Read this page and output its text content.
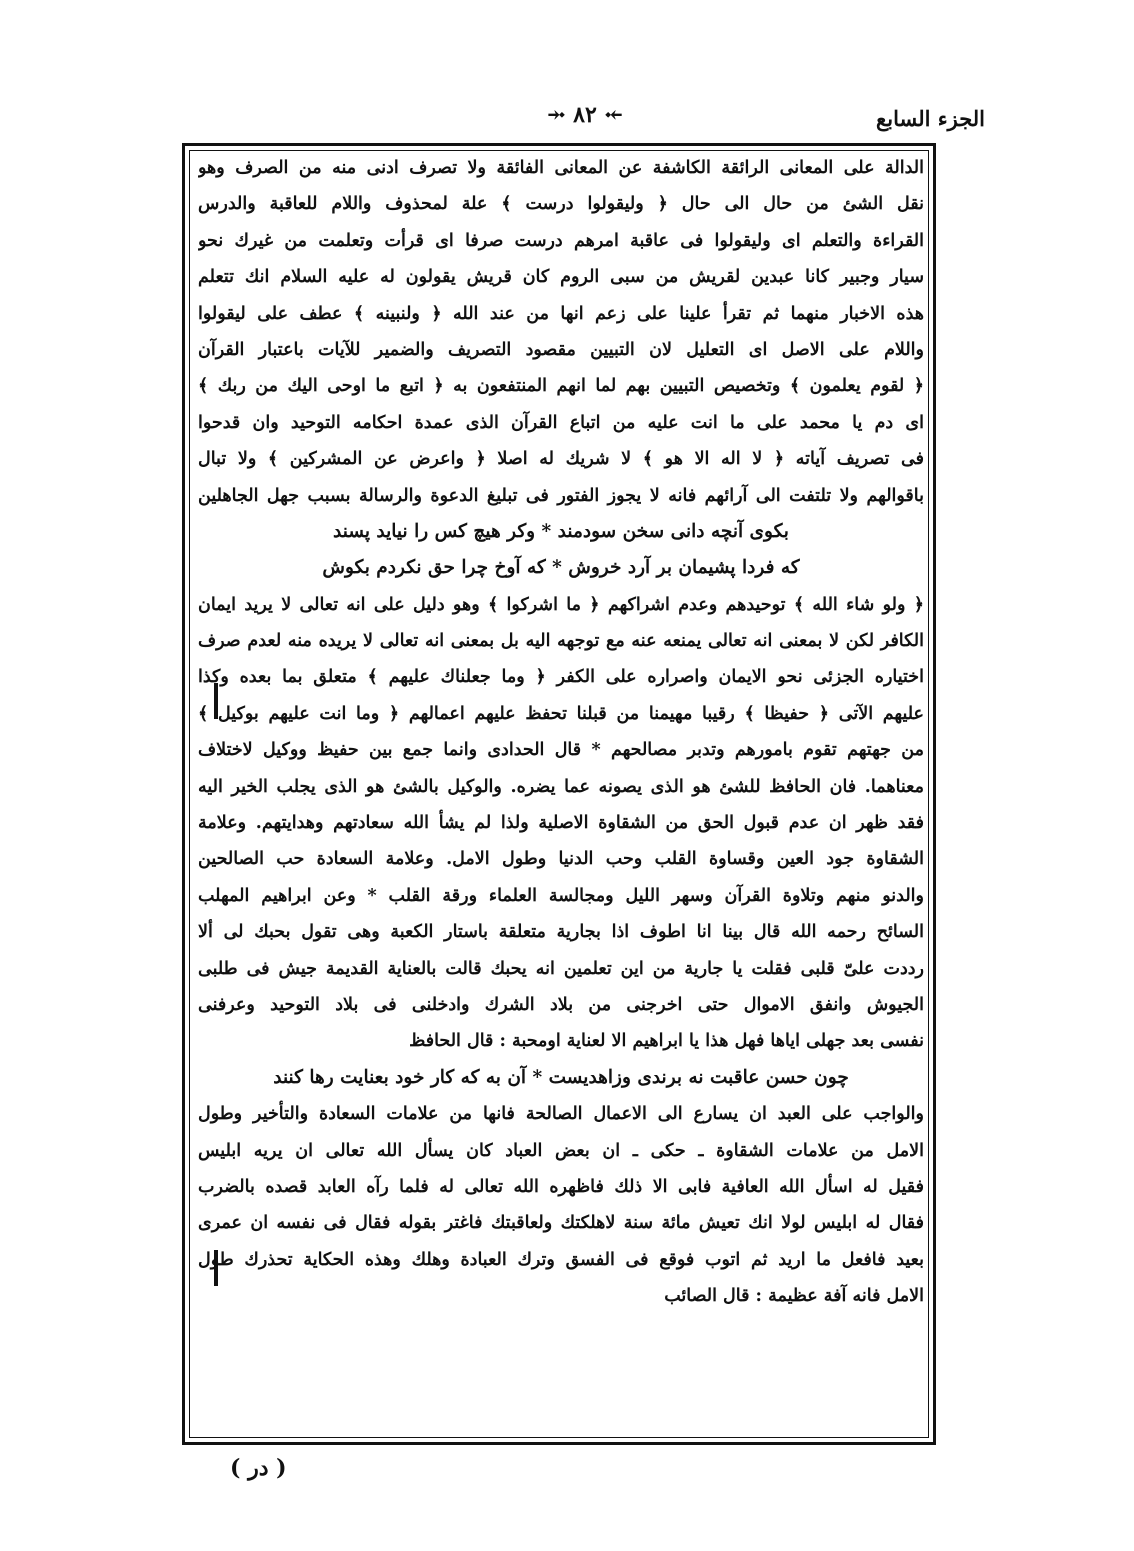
الجزء السابع
⤝ ٨٢ ⤞
الدالة على المعانى الرائقة الكاشفة عن المعانى الفائقة ولا تصرف ادنى منه من الصرف وهو
نقل الشئ من حال الى حال ﴿ وليقولوا درست ﴾ علة لمحذوف واللام للعاقبة والدرس
القراءة والتعلم اى وليقولوا فى عاقبة امرهم درست صرفا اى قرأت وتعلمت من غيرك نحو
سيار وجبير كانا عبدين لقريش من سبى الروم كان قريش يقولون له عليه السلام انك تتعلم
هذه الاخبار منهما ثم تقرأ علينا على زعم انها من عند الله ﴿ ولنبينه ﴾ عطف على ليقولوا
واللام على الاصل اى التعليل لان التبيين مقصود التصريف والضمير للآيات باعتبار القرآن
﴿ لقوم يعلمون ﴾ وتخصيص التبيين بهم لما انهم المنتفعون به ﴿ اتبع ما اوحى اليك من ربك ﴾
اى دم يا محمد على ما انت عليه من اتباع القرآن الذى عمدة احكامه التوحيد وان قدحوا
فى تصريف آياته ﴿ لا اله الا هو ﴾ لا شريك له اصلا ﴿ واعرض عن المشركين ﴾ ولا تبال
باقوالهم ولا تلتفت الى آرائهم فانه لا يجوز الفتور فى تبليغ الدعوة والرسالة بسبب جهل الجاهلين
بكوى آنچه دانى سخن سودمند * وكر هيچ كس را نيايد پسند
كه فردا پشيمان بر آرد خروش * كه آوخ چرا حق نكردم بكوش
﴿ ولو شاء الله ﴾ توحيدهم وعدم اشراكهم ﴿ ما اشركوا ﴾ وهو دليل على انه تعالى لا يريد ايمان
الكافر لكن لا بمعنى انه تعالى يمنعه عنه مع توجهه اليه بل بمعنى انه تعالى لا يريده منه لعدم صرف
اختياره الجزئى نحو الايمان واصراره على الكفر ﴿ وما جعلناك عليهم ﴾ متعلق بما بعده وكذا
عليهم الآتى ﴿ حفيظا ﴾ رقيبا مهيمنا من قبلنا تحفظ عليهم اعمالهم ﴿ وما انت عليهم بوكيل ﴾
من جهتهم تقوم بامورهم وتدبر مصالحهم * قال الحدادى وانما جمع بين حفيظ ووكيل لاختلاف
معناهما. فان الحافظ للشئ هو الذى يصونه عما يضره. والوكيل بالشئ هو الذى يجلب الخير اليه
فقد ظهر ان عدم قبول الحق من الشقاوة الاصلية ولذا لم يشأ الله سعادتهم وهدايتهم. وعلامة
الشقاوة جود العين وقساوة القلب وحب الدنيا وطول الامل. وعلامة السعادة حب الصالحين
والدنو منهم وتلاوة القرآن وسهر الليل ومجالسة العلماء ورقة القلب * وعن ابراهيم المهلب
السائح رحمه الله قال بينا انا اطوف اذا بجارية متعلقة باستار الكعبة وهى تقول بحبك لى ألا
رددت علىّ قلبى فقلت يا جارية من اين تعلمين انه يحبك قالت بالعناية القديمة جيش فى طلبى
الجيوش وانفق الاموال حتى اخرجنى من بلاد الشرك وادخلنى فى بلاد التوحيد وعرفنى
نفسى بعد جهلى اياها فهل هذا يا ابراهيم الا لعناية اومحبة : قال الحافظ
چون حسن عاقبت نه برندى وزاهديست * آن به كه كار خود بعنايت رها كنند
والواجب على العبد ان يسارع الى الاعمال الصالحة فانها من علامات السعادة والتأخير وطول
الامل من علامات الشقاوة ـ حكى ـ ان بعض العباد كان يسأل الله تعالى ان يريه ابليس
فقيل له اسأل الله العافية فابى الا ذلك فاظهره الله تعالى له فلما رآه العابد قصده بالضرب
فقال له ابليس لولا انك تعيش مائة سنة لاهلكتك ولعاقبتك فاغتر بقوله فقال فى نفسه ان عمرى
بعيد فافعل ما اريد ثم اتوب فوقع فى الفسق وترك العبادة وهلك وهذه الحكاية تحذرك طول
الامل فانه آفة عظيمة : قال الصائب
( در )
